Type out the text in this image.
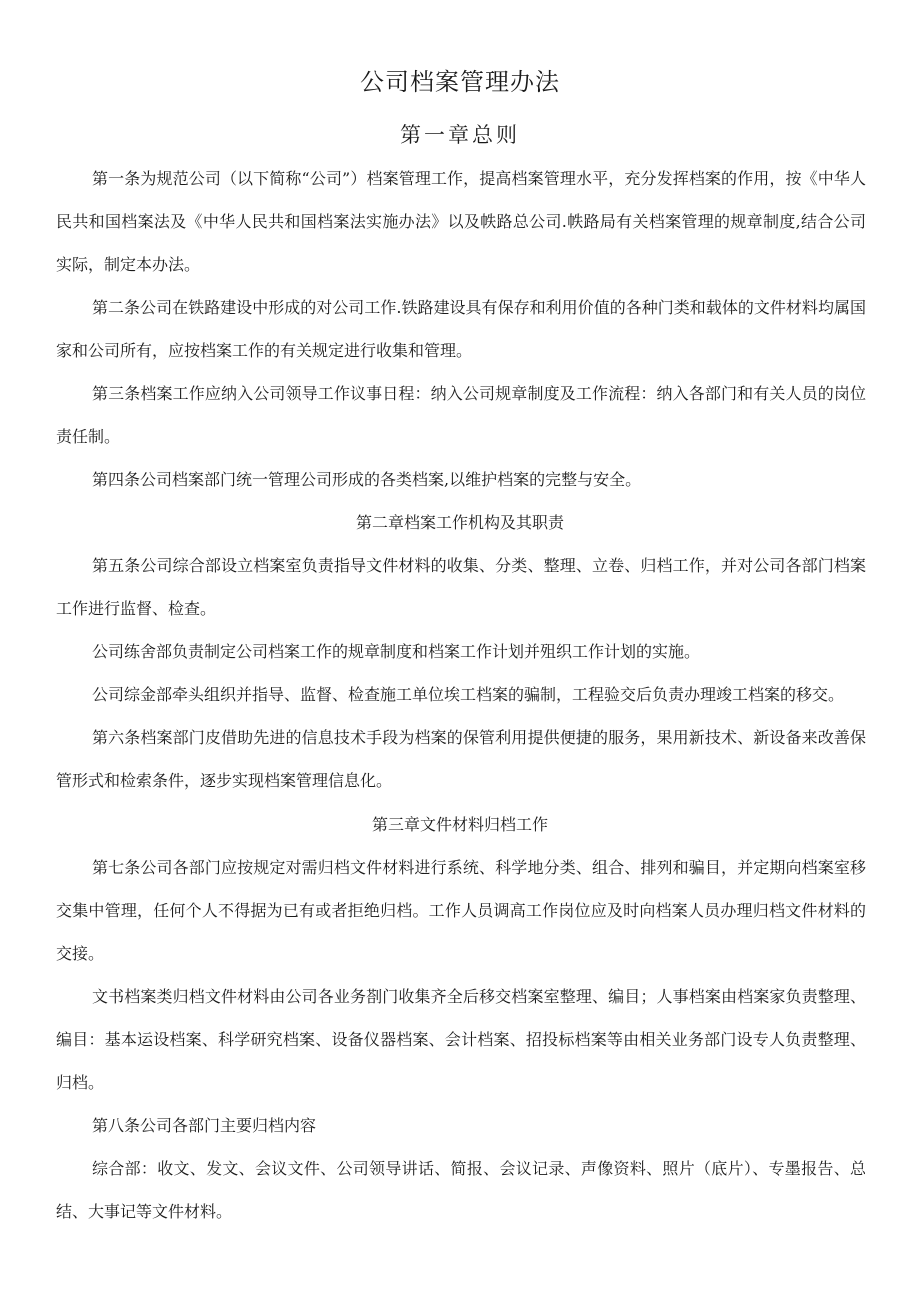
公司档案管理办法
第一章总则

第一条为规范公司（以下简称“公司”）档案管理工作，提高档案管理水平，充分发挥档案的作用，按《中华人民共和国档案法及《中华人民共和国档案法实施办法》以及帙路总公司.帙路局有关档案管理的规章制度,结合公司实际，制定本办法。

第二条公司在铁路建设中形成的对公司工作.铁路建设具有保存和利用价值的各种门类和载体的文件材料均属国家和公司所有，应按档案工作的有关规定进行收集和管理。

第三条档案工作应纳入公司领导工作议事日程：纳入公司规章制度及工作流程：纳入各部门和有关人员的岗位责任制。

第四条公司档案部门统一管理公司形成的各类档案,以维护档案的完整与安全。

第二章档案工作机构及其职责

第五条公司综合部设立档案室负责指导文件材料的收集、分类、整理、立卷、归档工作，并对公司各部门档案工作进行监督、检查。

公司练舍部负责制定公司档案工作的规章制度和档案工作计划并殂织工作计划的实施。

公司综金部牵头组织并指导、监督、检查施工单位埃工档案的骗制，工程验交后负责办理竣工档案的移交。

第六条档案部门皮借助先进的信息技术手段为档案的保管利用提供便捷的服务，果用新技术、新设备来改善保管形式和检索条件，逐步实现档案管理信息化。

第三章文件材料归档工作

第七条公司各部门应按规定对需归档文件材料进行系统、科学地分类、组合、排列和骗目，并定期向档案室移交集中管理，任何个人不得据为已有或者拒绝归档。工作人员调高工作岗位应及时向档案人员办理归档文件材料的交接。

文书档案类归档文件材料由公司各业务剳门收集齐全后移交档案室整理、编目；人事档案由档案家负责整理、编目：基本运设档案、科学研究档案、设备仪器档案、会计档案、招投标档案等由相关业务部门设专人负责整理、归档。

第八条公司各部门主要归档内容

综合部：收文、发文、会议文件、公司领导讲话、简报、会议记录、声像资料、照片（底片）、专墨报告、总结、大事记等文件材料。
